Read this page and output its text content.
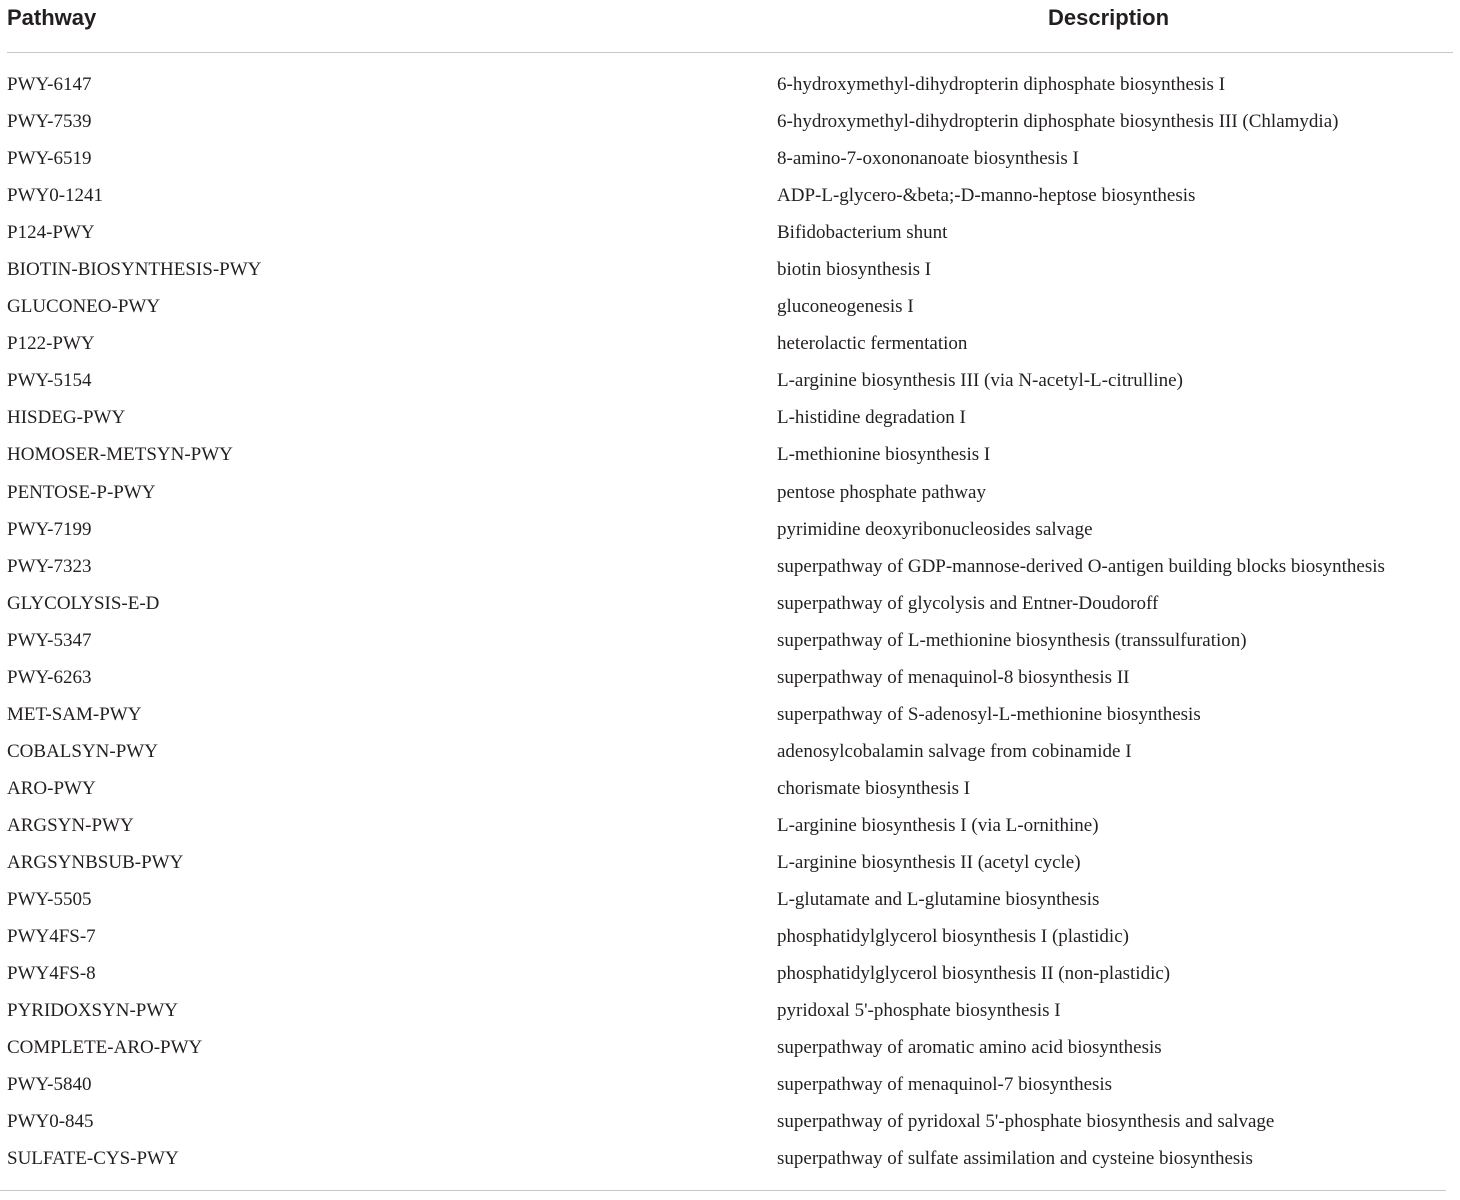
Pathway	Description
PWY-6147	6-hydroxymethyl-dihydropterin diphosphate biosynthesis I
PWY-7539	6-hydroxymethyl-dihydropterin diphosphate biosynthesis III (Chlamydia)
PWY-6519	8-amino-7-oxononanoate biosynthesis I
PWY0-1241	ADP-L-glycero-&beta;-D-manno-heptose biosynthesis
P124-PWY	Bifidobacterium shunt
BIOTIN-BIOSYNTHESIS-PWY	biotin biosynthesis I
GLUCONEO-PWY	gluconeogenesis I
P122-PWY	heterolactic fermentation
PWY-5154	L-arginine biosynthesis III (via N-acetyl-L-citrulline)
HISDEG-PWY	L-histidine degradation I
HOMOSER-METSYN-PWY	L-methionine biosynthesis I
PENTOSE-P-PWY	pentose phosphate pathway
PWY-7199	pyrimidine deoxyribonucleosides salvage
PWY-7323	superpathway of GDP-mannose-derived O-antigen building blocks biosynthesis
GLYCOLYSIS-E-D	superpathway of glycolysis and Entner-Doudoroff
PWY-5347	superpathway of L-methionine biosynthesis (transsulfuration)
PWY-6263	superpathway of menaquinol-8 biosynthesis II
MET-SAM-PWY	superpathway of S-adenosyl-L-methionine biosynthesis
COBALSYN-PWY	adenosylcobalamin salvage from cobinamide I
ARO-PWY	chorismate biosynthesis I
ARGSYN-PWY	L-arginine biosynthesis I (via L-ornithine)
ARGSYNBSUB-PWY	L-arginine biosynthesis II (acetyl cycle)
PWY-5505	L-glutamate and L-glutamine biosynthesis
PWY4FS-7	phosphatidylglycerol biosynthesis I (plastidic)
PWY4FS-8	phosphatidylglycerol biosynthesis II (non-plastidic)
PYRIDOXSYN-PWY	pyridoxal 5'-phosphate biosynthesis I
COMPLETE-ARO-PWY	superpathway of aromatic amino acid biosynthesis
PWY-5840	superpathway of menaquinol-7 biosynthesis
PWY0-845	superpathway of pyridoxal 5'-phosphate biosynthesis and salvage
SULFATE-CYS-PWY	superpathway of sulfate assimilation and cysteine biosynthesis
